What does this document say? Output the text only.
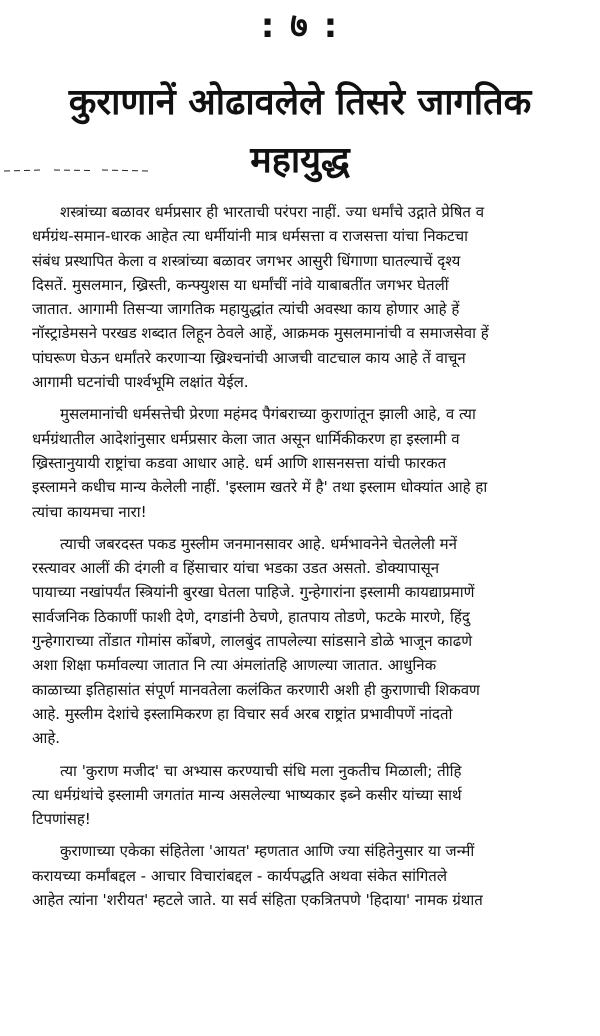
: ७ :
कुराणानें ओढावलेले तिसरे जागतिक
महायुद्ध

शस्त्रांच्या बळावर धर्मप्रसार ही भारताची परंपरा नाहीं. ज्या धर्मांचे उद्गाते प्रेषित व
धर्मग्रंथ-समान-धारक आहेत त्या धर्मीयांनी मात्र धर्मसत्ता व राजसत्ता यांचा निकटचा
संबंध प्रस्थापित केला व शस्त्रांच्या बळावर जगभर आसुरी धिंगाणा घातल्याचें दृश्य
दिसतें. मुसलमान, ख्रिस्ती, कन्फ्युशस या धर्मांचीं नांवे याबाबतींत जगभर घेतलीं
जातात. आगामी तिसऱ्या जागतिक महायुद्धांत त्यांची अवस्था काय होणार आहे हें
नॉस्ट्राडेमसने परखड शब्दात लिहून ठेवले आहें, आक्रमक मुसलमानांची व समाजसेवा हें
पांघरूण घेऊन धर्मांतरे करणाऱ्या ख्रिश्चनांची आजची वाटचाल काय आहे तें वाचून
आगामी घटनांची पार्श्वभूमि लक्षांत येईल.

मुसलमानांची धर्मसत्तेची प्रेरणा महंमद पैगंबराच्या कुराणांतून झाली आहे, व त्या
धर्मग्रंथातील आदेशांनुसार धर्मप्रसार केला जात असून धार्मिकीकरण हा इस्लामी व
ख्रिस्तानुयायी राष्ट्रांचा कडवा आधार आहे. धर्म आणि शासनसत्ता यांची फारकत
इस्लामने कधीच मान्य केलेली नाहीं. 'इस्लाम खतरे में है' तथा इस्लाम धोक्यांत आहे हा
त्यांचा कायमचा नारा!

त्याची जबरदस्त पकड मुस्लीम जनमानसावर आहे. धर्मभावनेने चेतलेली मनें
रस्त्यावर आलीं की दंगली व हिंसाचार यांचा भडका उडत असतो. डोक्यापासून
पायाच्या नखांपर्यंत स्त्रियांनी बुरखा घेतला पाहिजे. गुन्हेगारांना इस्लामी कायद्याप्रमाणें
सार्वजनिक ठिकाणीं फाशी देणे, दगडांनी ठेचणे, हातपाय तोडणे, फटके मारणे, हिंदु
गुन्हेगाराच्या तोंडात गोमांस कोंबणे, लालबुंद तापलेल्या सांडसाने डोळे भाजून काढणे
अशा शिक्षा फर्मावल्या जातात नि त्या अंमलांतहि आणल्या जातात. आधुनिक
काळाच्या इतिहासांत संपूर्ण मानवतेला कलंकित करणारी अशी ही कुराणाची शिकवण
आहे. मुस्लीम देशांचे इस्लामिकरण हा विचार सर्व अरब राष्ट्रांत प्रभावीपणें नांदतो
आहे.

त्या 'कुराण मजीद' चा अभ्यास करण्याची संधि मला नुकतीच मिळाली; तीहि
त्या धर्मग्रंथांचे इस्लामी जगतांत मान्य असलेल्या भाष्यकार इब्ने कसीर यांच्या सार्थ
टिपणांसह!

कुराणाच्या एकेका संहितेला 'आयत' म्हणतात आणि ज्या संहितेनुसार या जन्मीं
करायच्या कर्मांबद्दल - आचार विचारांबद्दल - कार्यपद्धति अथवा संकेत सांगितले
आहेत त्यांना 'शरीयत' म्हटले जाते. या सर्व संहिता एकत्रितपणे 'हिदाया' नामक ग्रंथात
